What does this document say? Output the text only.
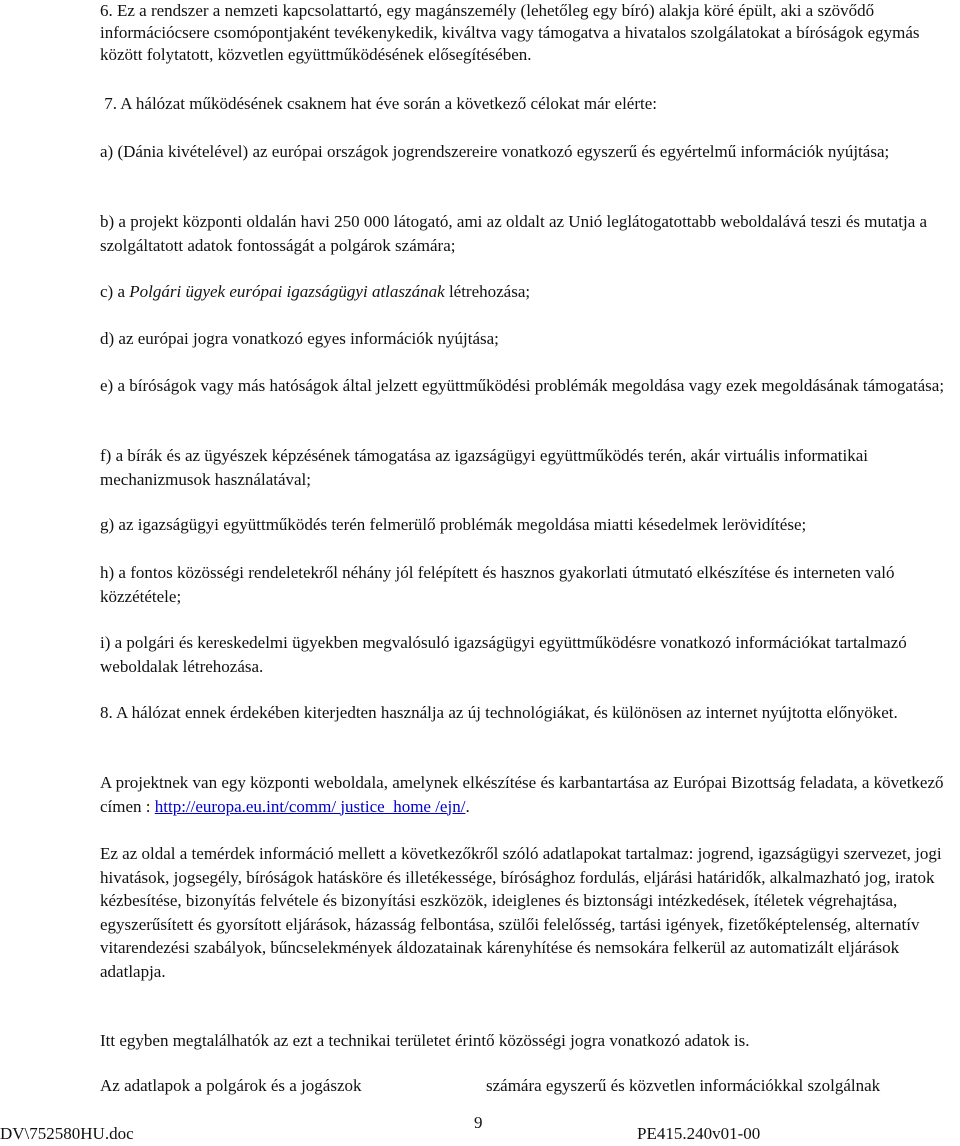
6. Ez a rendszer a nemzeti kapcsolattartó, egy magánszemély (lehetőleg egy bíró) alakja köré épült, aki a szövődő információcsere csomópontjaként tevékenykedik, kiváltva vagy támogatva a hivatalos szolgálatokat a bíróságok egymás között folytatott, közvetlen együttműködésének elősegítésében.

7. A hálózat működésének csaknem hat éve során a következő célokat már elérte:

a) (Dánia kivételével) az európai országok jogrendszereire vonatkozó egyszerű és egyértelmű információk nyújtása;

b) a projekt központi oldalán havi 250 000 látogató, ami az oldalt az Unió leglátogatottabb weboldalává teszi és mutatja a szolgáltatott adatok fontosságát a polgárok számára;

c) a Polgári ügyek európai igazságügyi atlaszának létrehozása;

d) az európai jogra vonatkozó egyes információk nyújtása;

e) a bíróságok vagy más hatóságok által jelzett együttműködési problémák megoldása vagy ezek megoldásának támogatása;

f) a bírák és az ügyészek képzésének támogatása az igazságügyi együttműködés terén, akár virtuális informatikai mechanizmusok használatával;

g) az igazságügyi együttműködés terén felmerülő problémák megoldása miatti késedelmek lerövidítése;

h) a fontos közösségi rendeletekről néhány jól felépített és hasznos gyakorlati útmutató elkészítése és interneten való közzététele;

i) a polgári és kereskedelmi ügyekben megvalósuló igazságügyi együttműködésre vonatkozó információkat tartalmazó weboldalak létrehozása.

8. A hálózat ennek érdekében kiterjedten használja az új technológiákat, és különösen az internet nyújtotta előnyöket.

A projektnek van egy központi weboldala, amelynek elkészítése és karbantartása az Európai Bizottság feladata, a következő címen : http://europa.eu.int/comm/ justice_home /ejn/.

Ez az oldal a temérdek információ mellett a következőkről szóló adatlapokat tartalmaz: jogrend, igazságügyi szervezet, jogi hivatások, jogsegély, bíróságok hatásköre és illetékessége, bírósághoz fordulás, eljárási határidők, alkalmazható jog, iratok kézbesítése, bizonyítás felvétele és bizonyítási eszközök, ideiglenes és biztonsági intézkedések, ítéletek végrehajtása, egyszerűsített és gyorsított eljárások, házasság felbontása, szülői felelősség, tartási igények, fizetőképtelenség, alternatív vitarendezési szabályok, bűncselekmények áldozatainak kárenyhítése és nemsokára felkerül az automatizált eljárások adatlapja.

Itt egyben megtalálhatók az ezt a technikai területet érintő közösségi jogra vonatkozó adatok is.

Az adatlapok a polgárok és a jogászok	számára egyszerű és közvetlen információkkal szolgálnak
9
DV\752580HU.doc	PE415.240v01-00
